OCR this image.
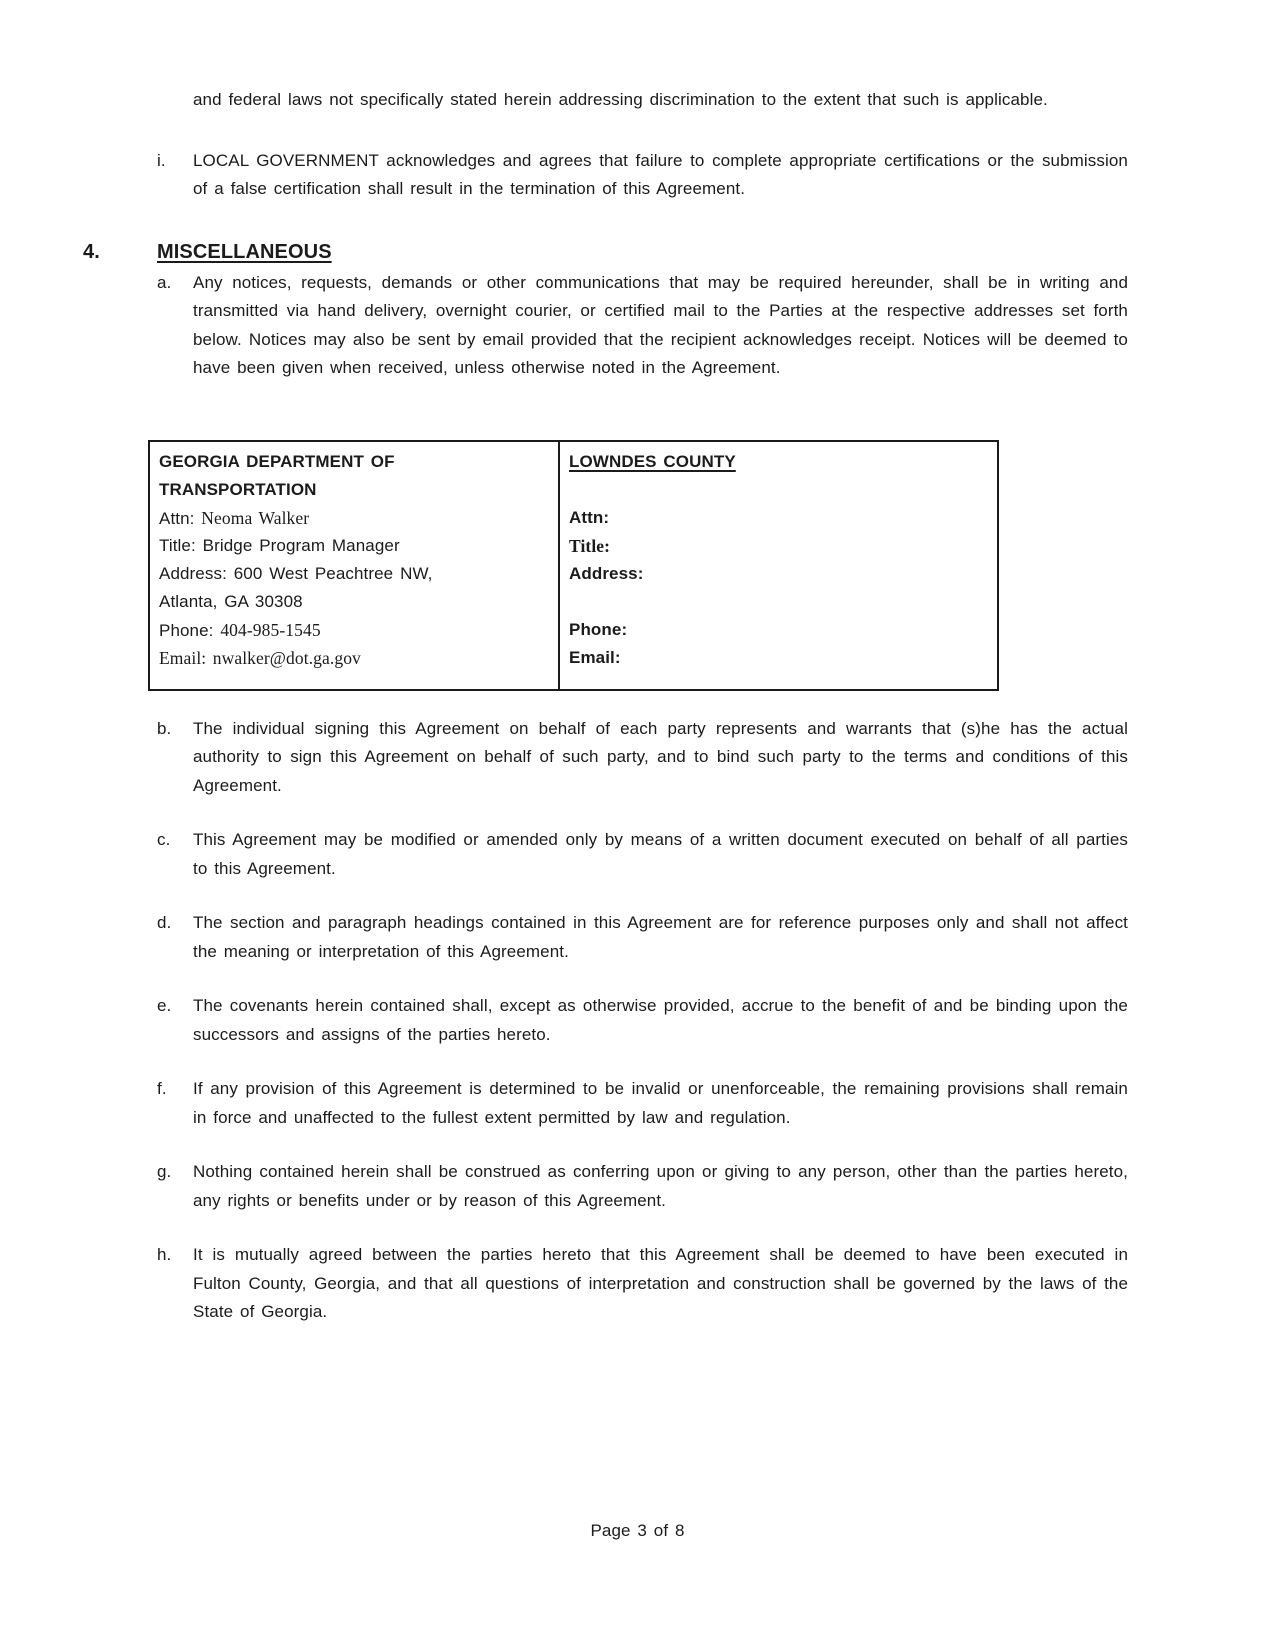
and federal laws not specifically stated herein addressing discrimination to the extent that such is applicable.
i.	LOCAL GOVERNMENT acknowledges and agrees that failure to complete appropriate certifications or the submission of a false certification shall result in the termination of this Agreement.
4.	MISCELLANEOUS
a.	Any notices, requests, demands or other communications that may be required hereunder, shall be in writing and transmitted via hand delivery, overnight courier, or certified mail to the Parties at the respective addresses set forth below. Notices may also be sent by email provided that the recipient acknowledges receipt. Notices will be deemed to have been given when received, unless otherwise noted in the Agreement.
GEORGIA DEPARTMENT OF
TRANSPORTATION
Attn: Neoma Walker
Title: Bridge Program Manager
Address: 600 West Peachtree NW,
Atlanta, GA 30308
Phone: 404-985-1545
Email: nwalker@dot.ga.gov

LOWNDES COUNTY
Attn:
Title:
Address:
Phone:
Email:
b.	The individual signing this Agreement on behalf of each party represents and warrants that (s)he has the actual authority to sign this Agreement on behalf of such party, and to bind such party to the terms and conditions of this Agreement.
c.	This Agreement may be modified or amended only by means of a written document executed on behalf of all parties to this Agreement.
d.	The section and paragraph headings contained in this Agreement are for reference purposes only and shall not affect the meaning or interpretation of this Agreement.
e.	The covenants herein contained shall, except as otherwise provided, accrue to the benefit of and be binding upon the successors and assigns of the parties hereto.
f.	If any provision of this Agreement is determined to be invalid or unenforceable, the remaining provisions shall remain in force and unaffected to the fullest extent permitted by law and regulation.
g.	Nothing contained herein shall be construed as conferring upon or giving to any person, other than the parties hereto, any rights or benefits under or by reason of this Agreement.
h.	It is mutually agreed between the parties hereto that this Agreement shall be deemed to have been executed in Fulton County, Georgia, and that all questions of interpretation and construction shall be governed by the laws of the State of Georgia.
Page 3 of 8
